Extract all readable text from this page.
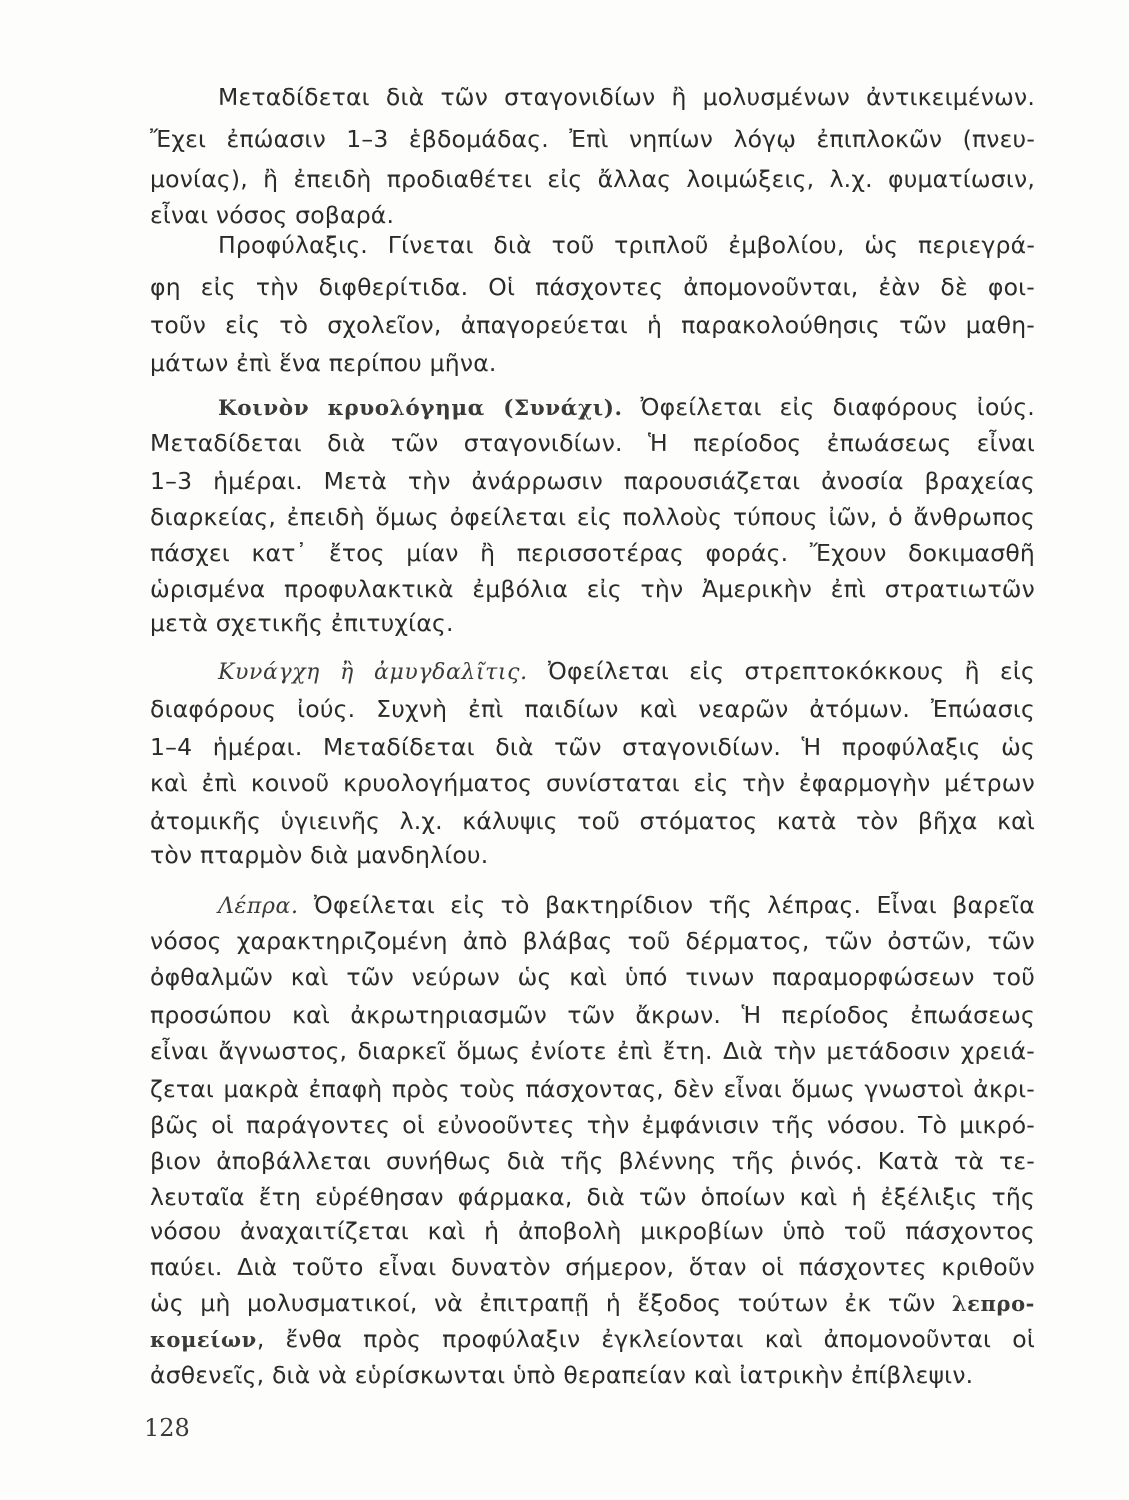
Μεταδίδεται διὰ τῶν σταγονιδίων ἢ μολυσμένων ἀντικειμένων.
Ἔχει ἐπώασιν 1–3 ἑβδομάδας. Ἐπὶ νηπίων λόγῳ ἐπιπλοκῶν (πνευ-
μονίας), ἢ ἐπειδὴ προδιαθέτει εἰς ἄλλας λοιμώξεις, λ.χ. φυματίωσιν,
εἶναι νόσος σοβαρά.
Προφύλαξις. Γίνεται διὰ τοῦ τριπλοῦ ἐμβολίου, ὡς περιεγρά-
φη εἰς τὴν διφθερίτιδα. Οἱ πάσχοντες ἀπομονοῦνται, ἐὰν δὲ φοι-
τοῦν εἰς τὸ σχολεῖον, ἀπαγορεύεται ἡ παρακολούθησις τῶν μαθη-
μάτων ἐπὶ ἕνα περίπου μῆνα.
Κοινὸν κρυολόγημα (Συνάχι). Ὀφείλεται εἰς διαφόρους ἰούς.
Μεταδίδεται διὰ τῶν σταγονιδίων. Ἡ περίοδος ἐπωάσεως εἶναι
1–3 ἡμέραι. Μετὰ τὴν ἀνάρρωσιν παρουσιάζεται ἀνοσία βραχείας
διαρκείας, ἐπειδὴ ὅμως ὀφείλεται εἰς πολλοὺς τύπους ἰῶν, ὁ ἄνθρωπος
πάσχει κατ᾽ ἔτος μίαν ἢ περισσοτέρας φοράς. Ἔχουν δοκιμασθῆ
ὡρισμένα προφυλακτικὰ ἐμβόλια εἰς τὴν Ἀμερικὴν ἐπὶ στρατιωτῶν
μετὰ σχετικῆς ἐπιτυχίας.
Κυνάγχη ἢ ἀμυγδαλῖτις. Ὀφείλεται εἰς στρεπτοκόκκους ἢ εἰς
διαφόρους ἰούς. Συχνὴ ἐπὶ παιδίων καὶ νεαρῶν ἀτόμων. Ἐπώασις
1–4 ἡμέραι. Μεταδίδεται διὰ τῶν σταγονιδίων. Ἡ προφύλαξις ὡς
καὶ ἐπὶ κοινοῦ κρυολογήματος συνίσταται εἰς τὴν ἐφαρμογὴν μέτρων
ἀτομικῆς ὑγιεινῆς λ.χ. κάλυψις τοῦ στόματος κατὰ τὸν βῆχα καὶ
τὸν πταρμὸν διὰ μανδηλίου.
Λέπρα. Ὀφείλεται εἰς τὸ βακτηρίδιον τῆς λέπρας. Εἶναι βαρεῖα
νόσος χαρακτηριζομένη ἀπὸ βλάβας τοῦ δέρματος, τῶν ὀστῶν, τῶν
ὀφθαλμῶν καὶ τῶν νεύρων ὡς καὶ ὑπό τινων παραμορφώσεων τοῦ
προσώπου καὶ ἀκρωτηριασμῶν τῶν ἄκρων. Ἡ περίοδος ἐπωάσεως
εἶναι ἄγνωστος, διαρκεῖ ὅμως ἐνίοτε ἐπὶ ἔτη. Διὰ τὴν μετάδοσιν χρειά-
ζεται μακρὰ ἐπαφὴ πρὸς τοὺς πάσχοντας, δὲν εἶναι ὅμως γνωστοὶ ἀκρι-
βῶς οἱ παράγοντες οἱ εὐνοοῦντες τὴν ἐμφάνισιν τῆς νόσου. Τὸ μικρό-
βιον ἀποβάλλεται συνήθως διὰ τῆς βλέννης τῆς ῥινός. Κατὰ τὰ τε-
λευταῖα ἔτη εὑρέθησαν φάρμακα, διὰ τῶν ὁποίων καὶ ἡ ἐξέλιξις τῆς
νόσου ἀναχαιτίζεται καὶ ἡ ἀποβολὴ μικροβίων ὑπὸ τοῦ πάσχοντος
παύει. Διὰ τοῦτο εἶναι δυνατὸν σήμερον, ὅταν οἱ πάσχοντες κριθοῦν
ὡς μὴ μολυσματικοί, νὰ ἐπιτραπῇ ἡ ἔξοδος τούτων ἐκ τῶν λεπρο-
κομείων, ἔνθα πρὸς προφύλαξιν ἐγκλείονται καὶ ἀπομονοῦνται οἱ
ἀσθενεῖς, διὰ νὰ εὑρίσκωνται ὑπὸ θεραπείαν καὶ ἰατρικὴν ἐπίβλεψιν.
128
